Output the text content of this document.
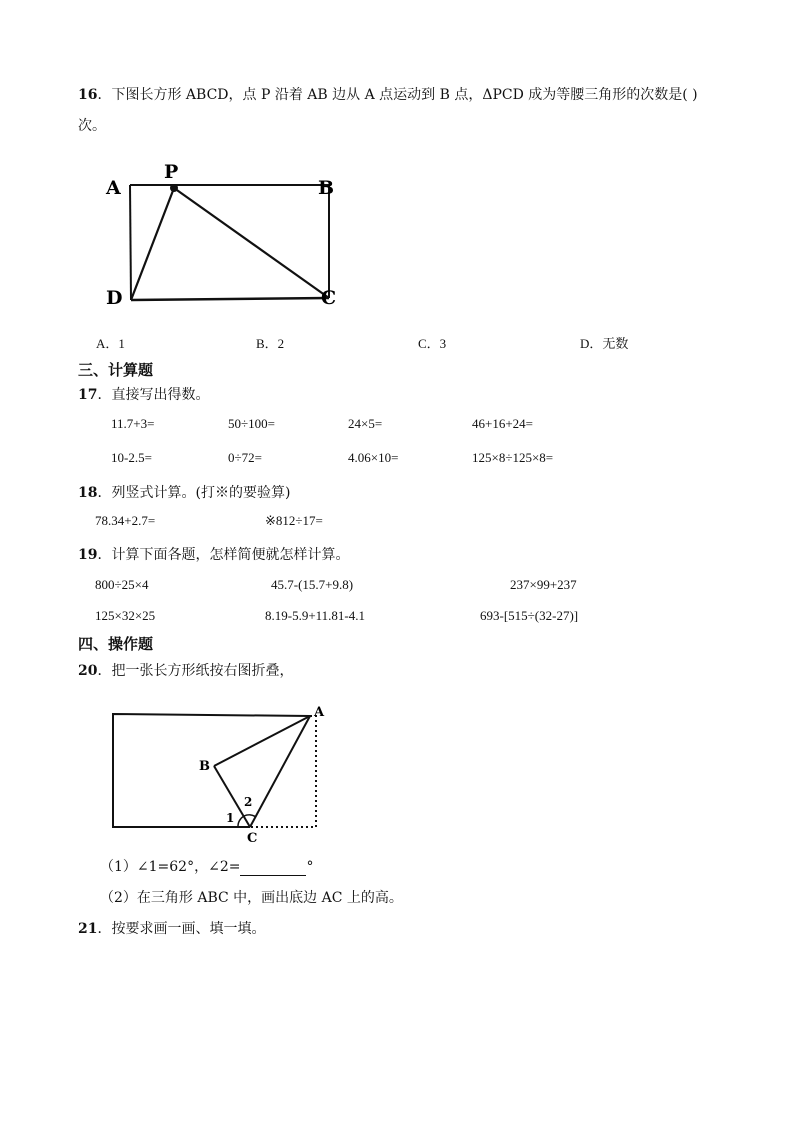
16．下图长方形 ABCD，点 P 沿着 AB 边从 A 点运动到 B 点，ΔPCD 成为等腰三角形的次数是( )
次。
A
P
B
D	C
A．1	B．2	C．3	D．无数
三、计算题
17．直接写出得数。
11.7+3=	50÷100=	24×5=	46+16+24=
10-2.5=	0÷72=	4.06×10=	125×8÷125×8=
18．列竖式计算。(打※的要验算)
78.34+2.7=	※812÷17=
19．计算下面各题，怎样简便就怎样计算。
800÷25×4	45.7-(15.7+9.8)	237×99+237
125×32×25	8.19-5.9+11.81-4.1	693-[515÷(32-27)]
四、操作题
20．把一张长方形纸按右图折叠，
A
B
C
1
2
（1）∠1=62°，∠2=	°
（2）在三角形 ABC 中，画出底边 AC 上的高。
21．按要求画一画、填一填。
